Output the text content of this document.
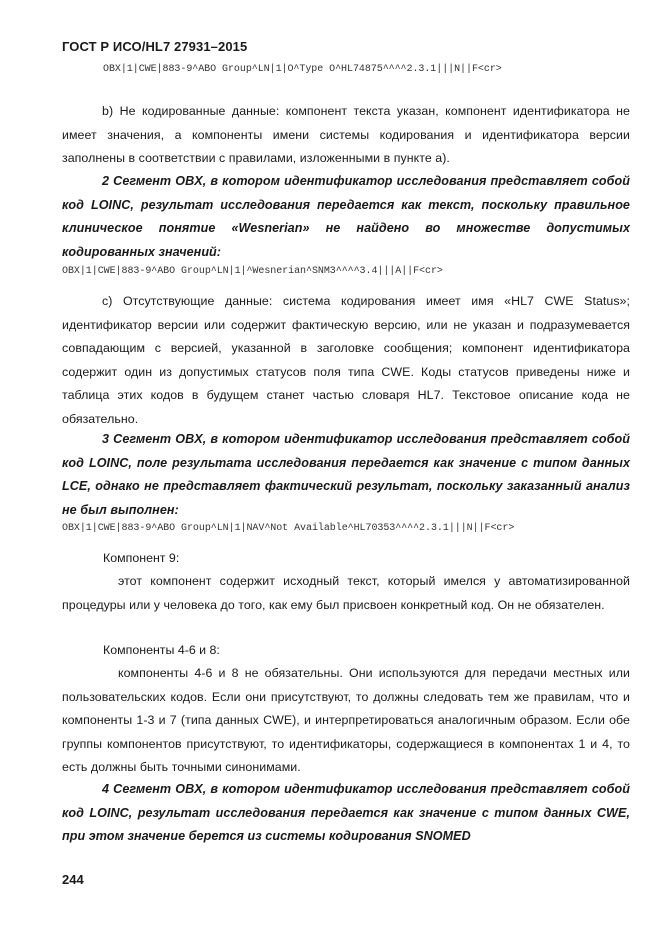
ГОСТ Р ИСО/HL7 27931–2015
OBX|1|CWE|883-9^ABO Group^LN|1|O^Type O^HL74875^^^^2.3.1|||N||F<cr>
b) Не кодированные данные: компонент текста указан, компонент идентификатора не имеет значения, а компоненты имени системы кодирования и идентификатора версии заполнены в соответствии с правилами, изложенными в пункте а).
2 Сегмент OBX, в котором идентификатор исследования представляет собой код LOINC, результат исследования передается как текст, поскольку правильное клиническое понятие «Wesnerian» не найдено во множестве допустимых кодированных значений:
OBX|1|CWE|883-9^ABO Group^LN|1|^Wesnerian^SNM3^^^^3.4|||A||F<cr>
с) Отсутствующие данные: система кодирования имеет имя «HL7 CWE Status»; идентификатор версии или содержит фактическую версию, или не указан и подразумевается совпадающим с версией, указанной в заголовке сообщения; компонент идентификатора содержит один из допустимых статусов поля типа CWE. Коды статусов приведены ниже и таблица этих кодов в будущем станет частью словаря HL7. Текстовое описание кода не обязательно.
3 Сегмент OBX, в котором идентификатор исследования представляет собой код LOINC, поле результата исследования передается как значение с типом данных LCE, однако не представляет фактический результат, поскольку заказанный анализ не был выполнен:
OBX|1|CWE|883-9^ABO Group^LN|1|NAV^Not Available^HL70353^^^^2.3.1|||N||F<cr>
Компонент 9:
этот компонент содержит исходный текст, который имелся у автоматизированной процедуры или у человека до того, как ему был присвоен конкретный код. Он не обязателен.
Компоненты 4-6 и 8:
компоненты 4-6 и 8 не обязательны. Они используются для передачи местных или пользовательских кодов. Если они присутствуют, то должны следовать тем же правилам, что и компоненты 1-3 и 7 (типа данных CWE), и интерпретироваться аналогичным образом. Если обе группы компонентов присутствуют, то идентификаторы, содержащиеся в компонентах 1 и 4, то есть должны быть точными синонимами.
4 Сегмент OBX, в котором идентификатор исследования представляет собой код LOINC, результат исследования передается как значение с типом данных CWE, при этом значение берется из системы кодирования SNOMED
244
